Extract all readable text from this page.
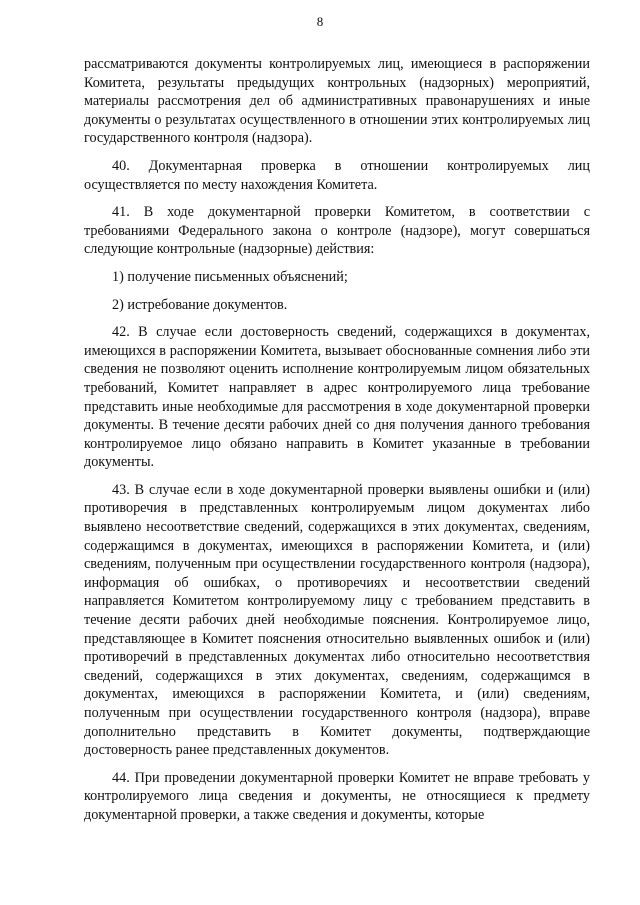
8

рассматриваются документы контролируемых лиц, имеющиеся в распоряжении Комитета, результаты предыдущих контрольных (надзорных) мероприятий, материалы рассмотрения дел об административных правонарушениях и иные документы о результатах осуществленного в отношении этих контролируемых лиц государственного контроля (надзора).

40. Документарная проверка в отношении контролируемых лиц осуществляется по месту нахождения Комитета.

41. В ходе документарной проверки Комитетом, в соответствии с требованиями Федерального закона о контроле (надзоре), могут совершаться следующие контрольные (надзорные) действия:

1) получение письменных объяснений;

2) истребование документов.

42. В случае если достоверность сведений, содержащихся в документах, имеющихся в распоряжении Комитета, вызывает обоснованные сомнения либо эти сведения не позволяют оценить исполнение контролируемым лицом обязательных требований, Комитет направляет в адрес контролируемого лица требование представить иные необходимые для рассмотрения в ходе документарной проверки документы. В течение десяти рабочих дней со дня получения данного требования контролируемое лицо обязано направить в Комитет указанные в требовании документы.

43. В случае если в ходе документарной проверки выявлены ошибки и (или) противоречия в представленных контролируемым лицом документах либо выявлено несоответствие сведений, содержащихся в этих документах, сведениям, содержащимся в документах, имеющихся в распоряжении Комитета, и (или) сведениям, полученным при осуществлении государственного контроля (надзора), информация об ошибках, о противоречиях и несоответствии сведений направляется Комитетом контролируемому лицу с требованием представить в течение десяти рабочих дней необходимые пояснения. Контролируемое лицо, представляющее в Комитет пояснения относительно выявленных ошибок и (или) противоречий в представленных документах либо относительно несоответствия сведений, содержащихся в этих документах, сведениям, содержащимся в документах, имеющихся в распоряжении Комитета, и (или) сведениям, полученным при осуществлении государственного контроля (надзора), вправе дополнительно представить в Комитет документы, подтверждающие достоверность ранее представленных документов.

44. При проведении документарной проверки Комитет не вправе требовать у контролируемого лица сведения и документы, не относящиеся к предмету документарной проверки, а также сведения и документы, которые
